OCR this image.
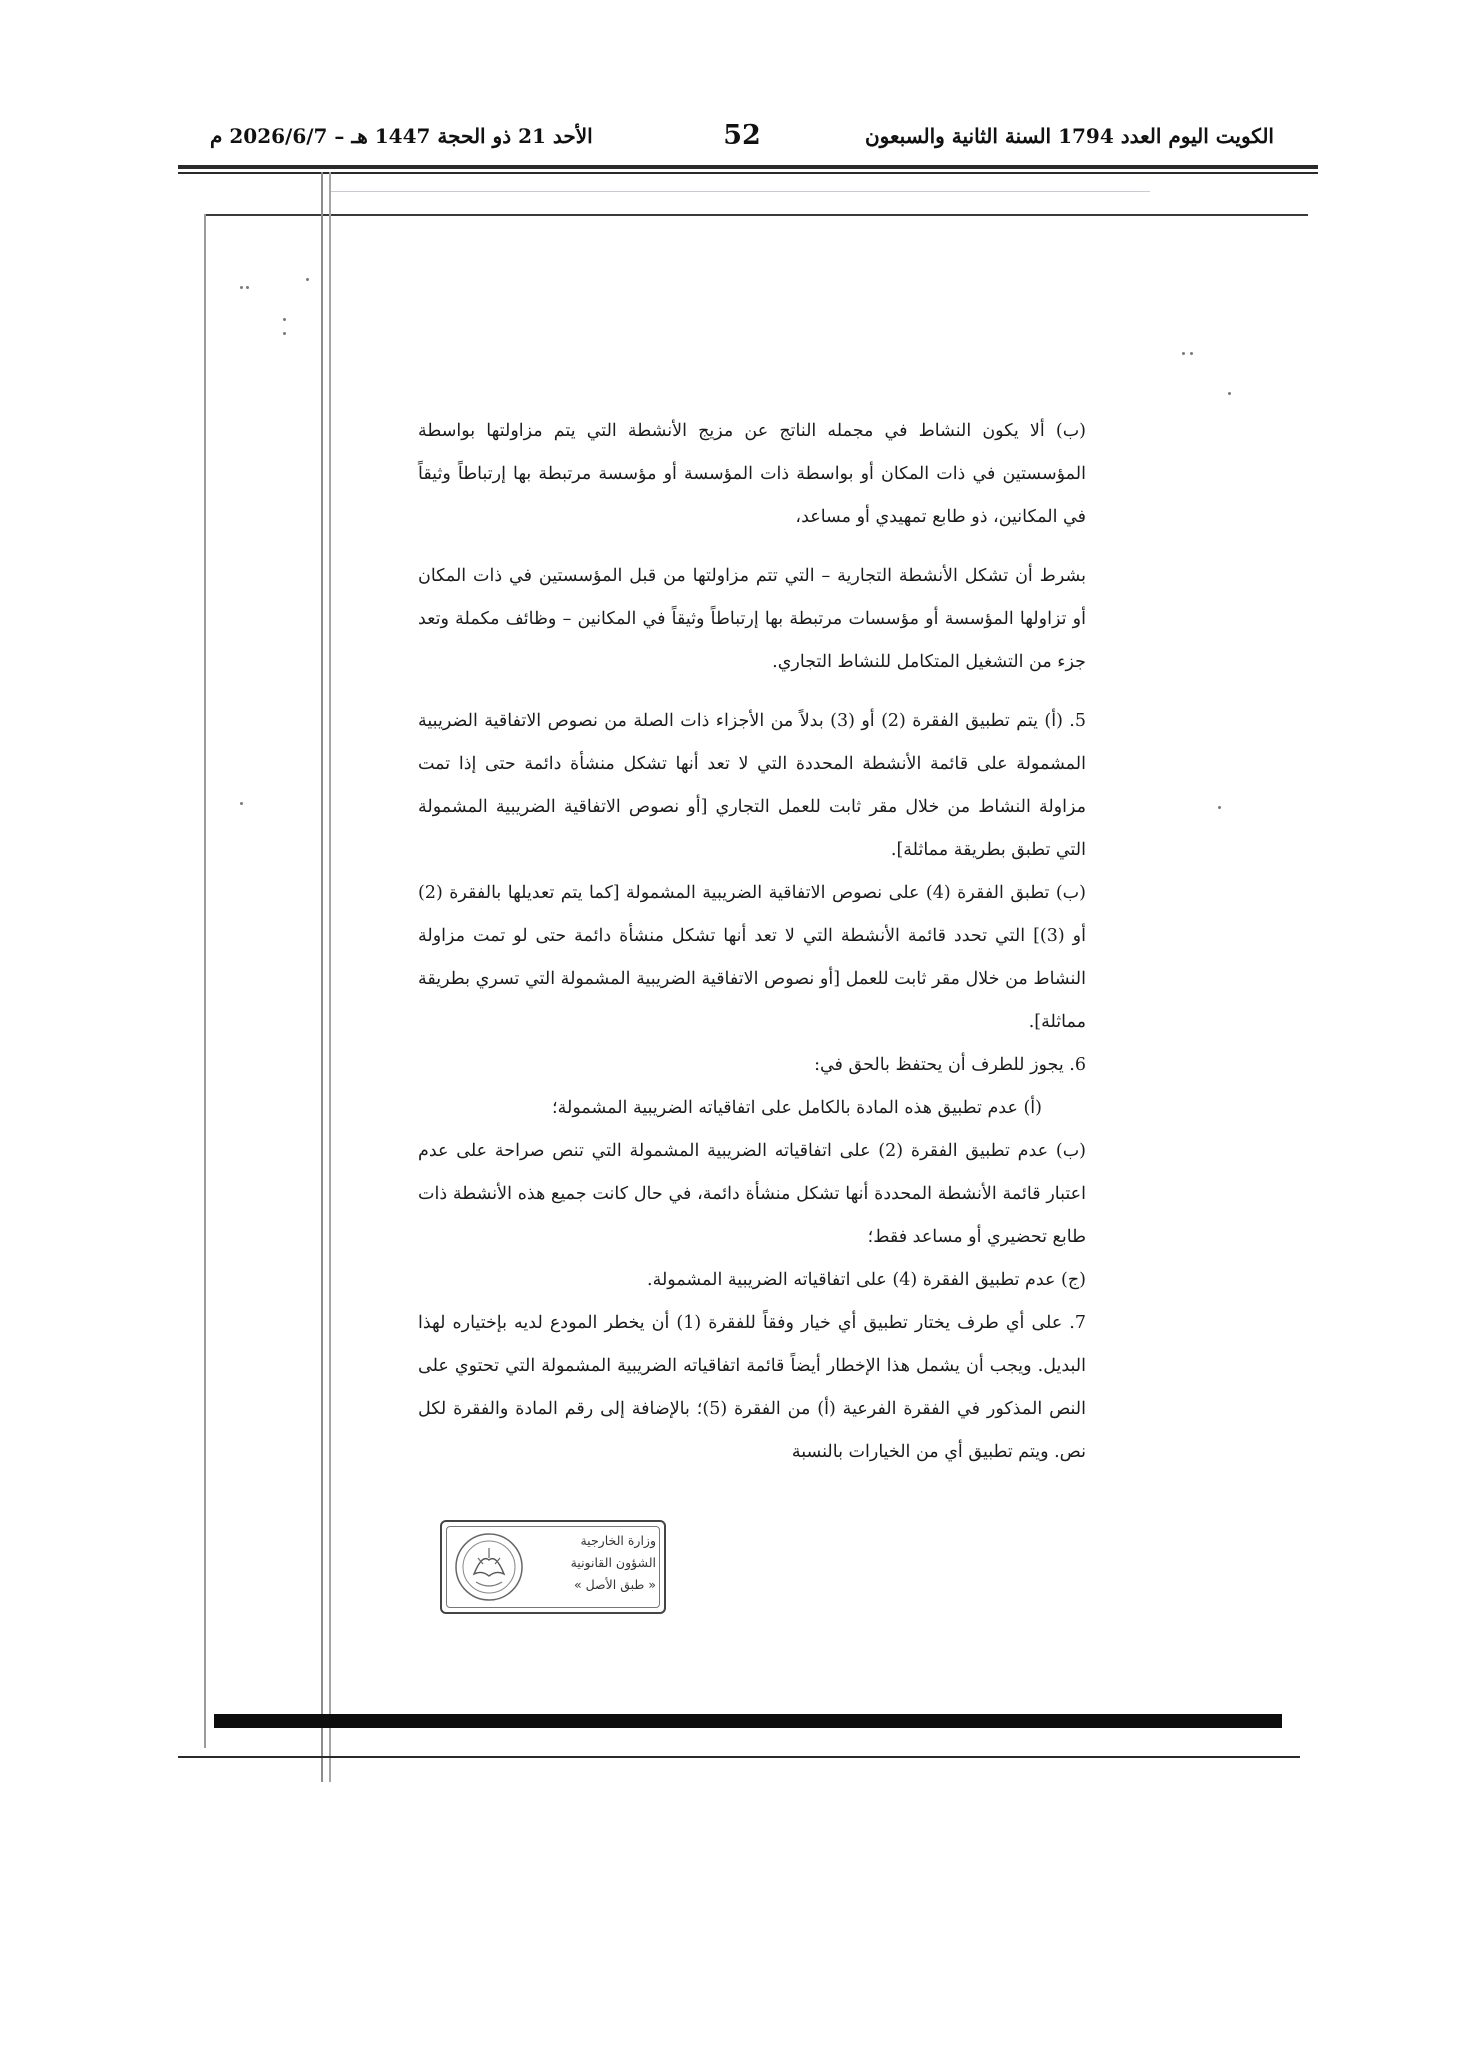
الكويت اليوم العدد 1794 السنة الثانية والسبعون
52
الأحد 21 ذو الحجة 1447 هـ – 2026/6/7 م

(ب) ألا يكون النشاط في مجمله الناتج عن مزيج الأنشطة التي يتم مزاولتها بواسطة المؤسستين في ذات المكان أو بواسطة ذات المؤسسة أو مؤسسة مرتبطة بها إرتباطاً وثيقاً في المكانين، ذو طابع تمهيدي أو مساعد،

بشرط أن تشكل الأنشطة التجارية – التي تتم مزاولتها من قبل المؤسستين في ذات المكان أو تزاولها المؤسسة أو مؤسسات مرتبطة بها إرتباطاً وثيقاً في المكانين – وظائف مكملة وتعد جزء من التشغيل المتكامل للنشاط التجاري.

5. (أ) يتم تطبيق الفقرة (2) أو (3) بدلاً من الأجزاء ذات الصلة من نصوص الاتفاقية الضريبية المشمولة على قائمة الأنشطة المحددة التي لا تعد أنها تشكل منشأة دائمة حتى إذا تمت مزاولة النشاط من خلال مقر ثابت للعمل التجاري [أو نصوص الاتفاقية الضريبية المشمولة التي تطبق بطريقة مماثلة].

(ب) تطبق الفقرة (4) على نصوص الاتفاقية الضريبية المشمولة [كما يتم تعديلها بالفقرة (2) أو (3)] التي تحدد قائمة الأنشطة التي لا تعد أنها تشكل منشأة دائمة حتى لو تمت مزاولة النشاط من خلال مقر ثابت للعمل [أو نصوص الاتفاقية الضريبية المشمولة التي تسري بطريقة مماثلة].

6. يجوز للطرف أن يحتفظ بالحق في:

(أ) عدم تطبيق هذه المادة بالكامل على اتفاقياته الضريبية المشمولة؛

(ب) عدم تطبيق الفقرة (2) على اتفاقياته الضريبية المشمولة التي تنص صراحة على عدم اعتبار قائمة الأنشطة المحددة أنها تشكل منشأة دائمة، في حال كانت جميع هذه الأنشطة ذات طابع تحضيري أو مساعد فقط؛

(ج) عدم تطبيق الفقرة (4) على اتفاقياته الضريبية المشمولة.

7. على أي طرف يختار تطبيق أي خيار وفقاً للفقرة (1) أن يخطر المودع لديه بإختياره لهذا البديل. ويجب أن يشمل هذا الإخطار أيضاً قائمة اتفاقياته الضريبية المشمولة التي تحتوي على النص المذكور في الفقرة الفرعية (أ) من الفقرة (5)؛ بالإضافة إلى رقم المادة والفقرة لكل نص. ويتم تطبيق أي من الخيارات بالنسبة

وزارة الخارجية
الشؤون القانونية
« طبق الأصل »
